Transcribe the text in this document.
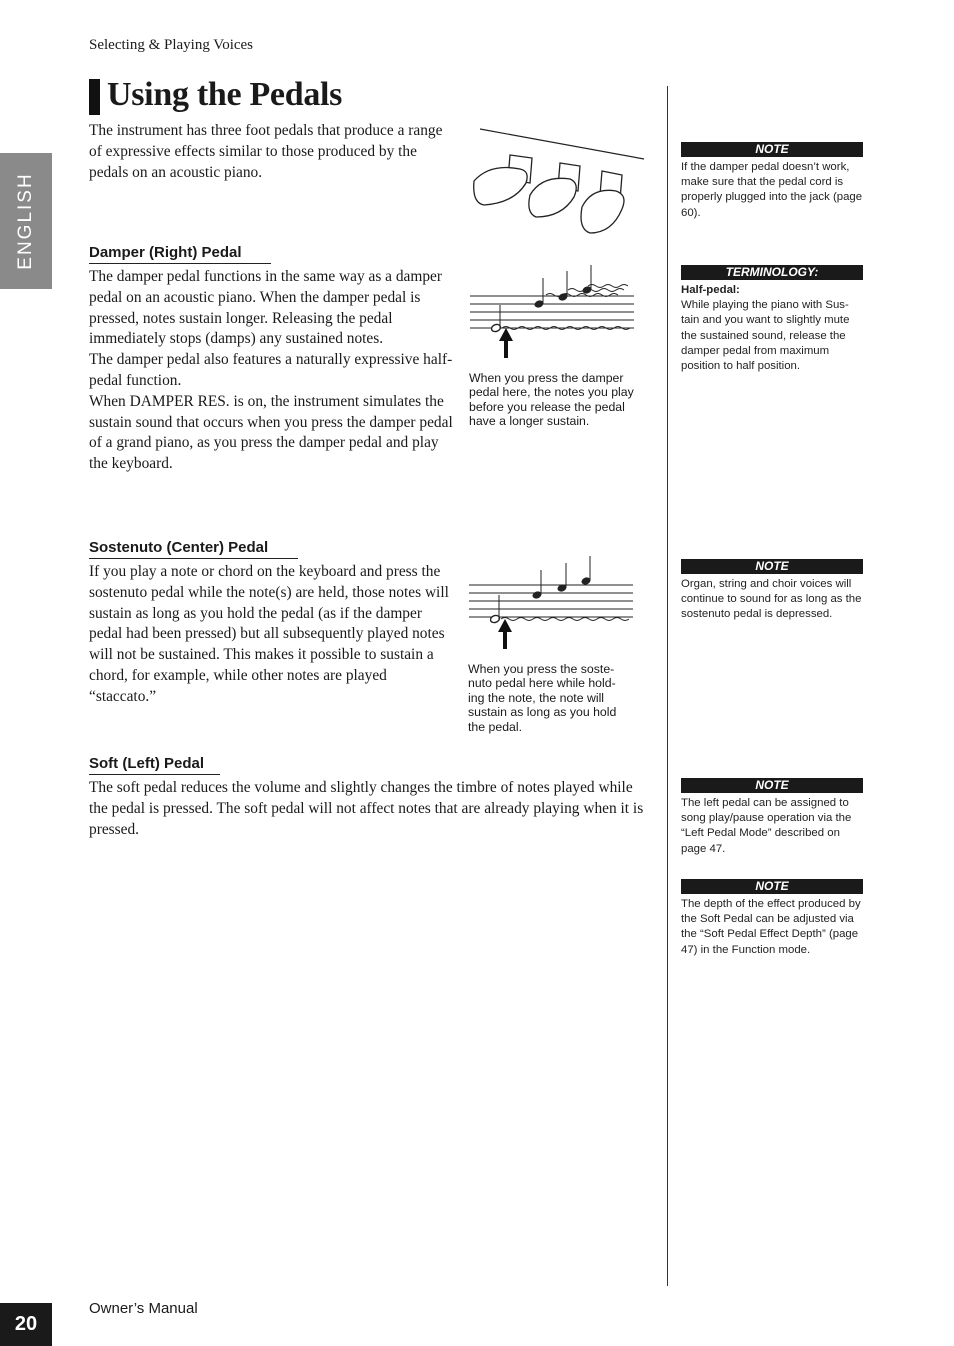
Selecting & Playing Voices
Using the Pedals
ENGLISH

The instrument has three foot pedals that produce a range of expressive effects similar to those produced by the pedals on an acoustic piano.

Damper (Right) Pedal

The damper pedal functions in the same way as a damper pedal on an acoustic piano. When the damper pedal is pressed, notes sustain longer. Releasing the pedal immediately stops (damps) any sustained notes.

The damper pedal also features a naturally expressive half-pedal function.

When DAMPER RES. is on, the instrument simulates the sustain sound that occurs when you press the damper pedal of a grand piano, as you press the damper pedal and play the keyboard.

When you press the damper pedal here, the notes you play before you release the pedal have a longer sustain.

Sostenuto (Center) Pedal

If you play a note or chord on the keyboard and press the sostenuto pedal while the note(s) are held, those notes will sustain as long as you hold the pedal (as if the damper pedal had been pressed) but all subsequently played notes will not be sustained. This makes it possible to sustain a chord, for example, while other notes are played “staccato.”

When you press the soste-nuto pedal here while hold-ing the note, the note will sustain as long as you hold the pedal.

Soft (Left) Pedal

The soft pedal reduces the volume and slightly changes the timbre of notes played while the pedal is pressed. The soft pedal will not affect notes that are already playing when it is pressed.

NOTE

If the damper pedal doesn’t work, make sure that the pedal cord is properly plugged into the jack (page 60).

TERMINOLOGY:

Half-pedal:

While playing the piano with Sus-tain and you want to slightly mute the sustained sound, release the damper pedal from maximum position to half position.

NOTE

Organ, string and choir voices will continue to sound for as long as the sostenuto pedal is depressed.

NOTE

The left pedal can be assigned to song play/pause operation via the “Left Pedal Mode” described on page 47.

NOTE

The depth of the effect produced by the Soft Pedal can be adjusted via the “Soft Pedal Effect Depth” (page 47) in the Function mode.

20
Owner’s Manual
